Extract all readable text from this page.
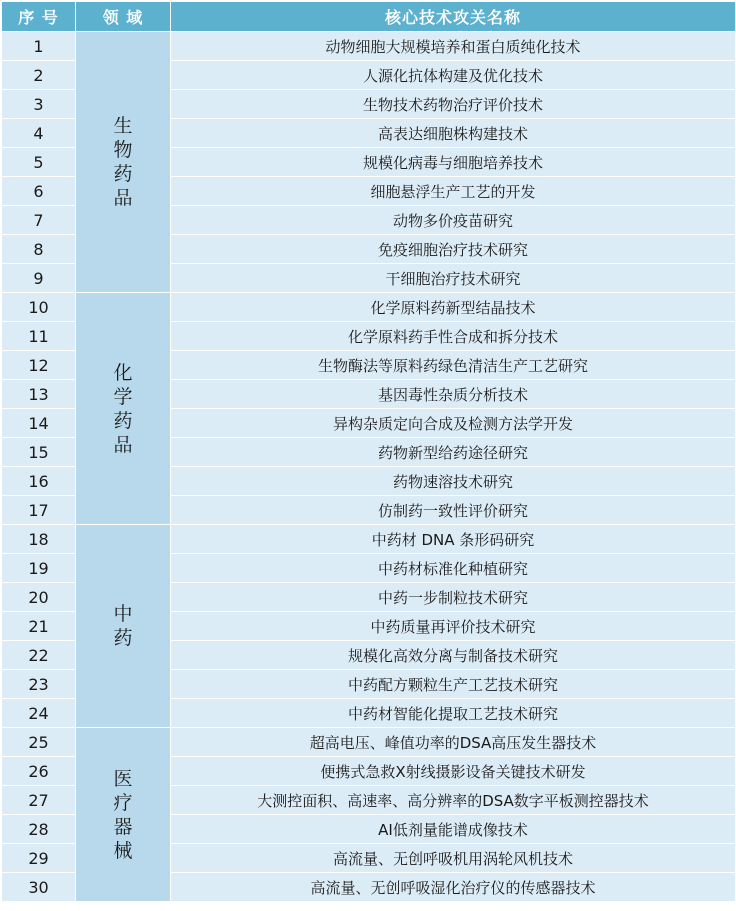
序 号	领 域	核心技术攻关名称
1	生物药品	动物细胞大规模培养和蛋白质纯化技术
2		人源化抗体构建及优化技术
3		生物技术药物治疗评价技术
4		高表达细胞株构建技术
5		规模化病毒与细胞培养技术
6		细胞悬浮生产工艺的开发
7		动物多价疫苗研究
8		免疫细胞治疗技术研究
9		干细胞治疗技术研究
10	化学药品	化学原料药新型结晶技术
11		化学原料药手性合成和拆分技术
12		生物酶法等原料药绿色清洁生产工艺研究
13		基因毒性杂质分析技术
14		异构杂质定向合成及检测方法学开发
15		药物新型给药途径研究
16		药物速溶技术研究
17		仿制药一致性评价研究
18	中药	中药材 DNA 条形码研究
19		中药材标准化种植研究
20		中药一步制粒技术研究
21		中药质量再评价技术研究
22		规模化高效分离与制备技术研究
23		中药配方颗粒生产工艺技术研究
24		中药材智能化提取工艺技术研究
25	医疗器械	超高电压、峰值功率的DSA高压发生器技术
26		便携式急救X射线摄影设备关键技术研发
27		大测控面积、高速率、高分辨率的DSA数字平板测控器技术
28		AI低剂量能谱成像技术
29		高流量、无创呼吸机用涡轮风机技术
30		高流量、无创呼吸湿化治疗仪的传感器技术
